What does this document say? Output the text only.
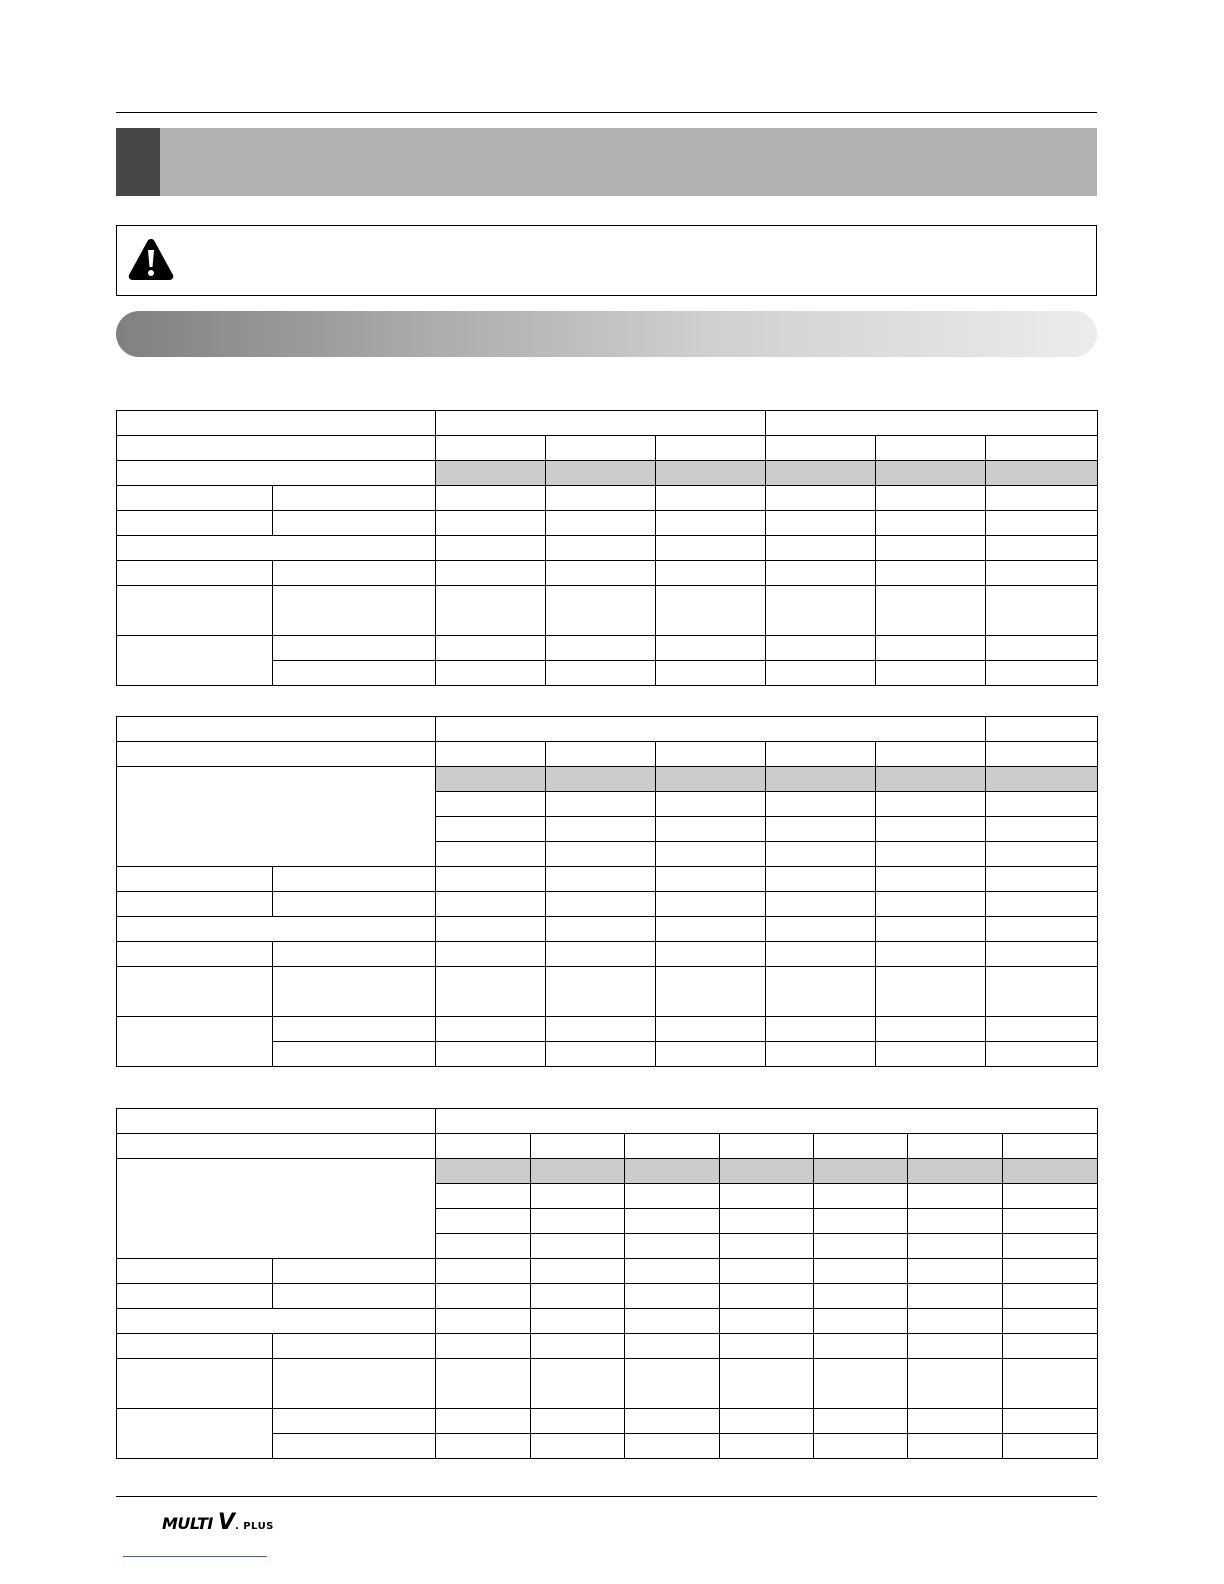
MULTI V. PLUS
